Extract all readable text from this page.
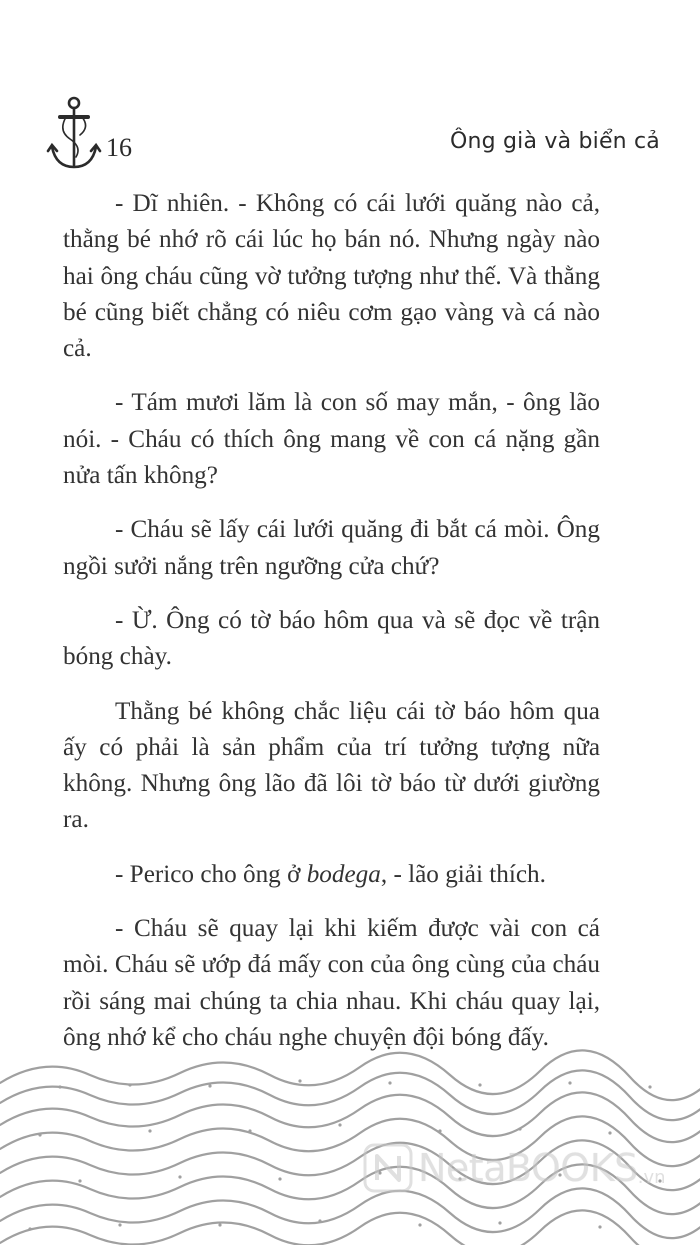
16	Ông già và biển cả

- Dĩ nhiên. - Không có cái lưới quăng nào cả, thằng bé nhớ rõ cái lúc họ bán nó. Nhưng ngày nào hai ông cháu cũng vờ tưởng tượng như thế. Và thằng bé cũng biết chẳng có niêu cơm gạo vàng và cá nào cả.

- Tám mươi lăm là con số may mắn, - ông lão nói. - Cháu có thích ông mang về con cá nặng gần nửa tấn không?

- Cháu sẽ lấy cái lưới quăng đi bắt cá mòi. Ông ngồi sưởi nắng trên ngưỡng cửa chứ?

- Ừ. Ông có tờ báo hôm qua và sẽ đọc về trận bóng chày.

Thằng bé không chắc liệu cái tờ báo hôm qua ấy có phải là sản phẩm của trí tưởng tượng nữa không. Nhưng ông lão đã lôi tờ báo từ dưới giường ra.

- Perico cho ông ở bodega, - lão giải thích.

- Cháu sẽ quay lại khi kiếm được vài con cá mòi. Cháu sẽ ướp đá mấy con của ông cùng của cháu rồi sáng mai chúng ta chia nhau. Khi cháu quay lại, ông nhớ kể cho cháu nghe chuyện đội bóng đấy.

NetaBOOKS .vn
